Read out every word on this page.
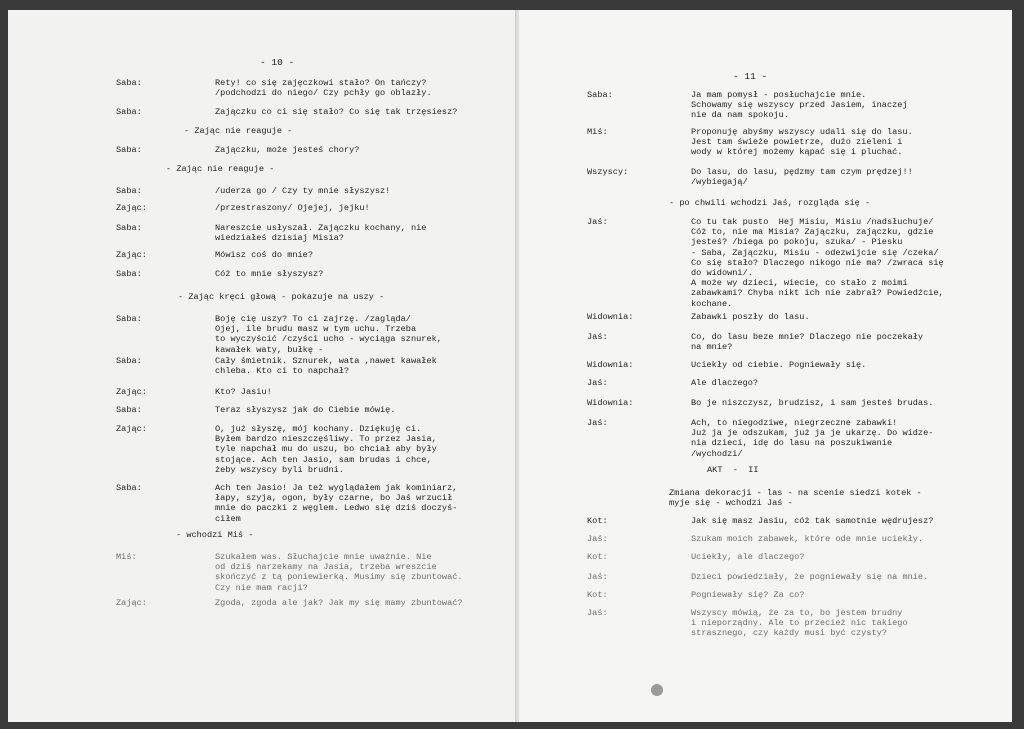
- 10 -
Saba:	Rety! co się zajęczkowi stało? On tańczy?
/podchodzi do niego/ Czy pchły go oblazły.
Saba:	Zajączku co ci się stało? Co się tak trzęsiesz?
- Zając nie reaguje -
Saba:	Zajączku, może jesteś chory?
- Zając nie reaguje -
Saba:	/uderza go / Czy ty mnie słyszysz!
Zając:	/przestraszony/ Ojejej, jejku!
Saba:	Nareszcie usłyszał. Zajączku kochany, nie
wiedziałeś dzisiaj Misia?
Zając:	Mówisz coś do mnie?
Saba:	Cóż to mnie słyszysz?
- Zając kręci głową - pokazuje na uszy -
Saba:	Boję cię uszy? To ci zajrzę. /zagląda/
Ojej, ile brudu masz w tym uchu. Trzeba
to wyczyścić /czyści ucho - wyciąga sznurek,
kawałek waty, bułkę -
Saba:	Cały śmietnik. Sznurek, wata ,nawet kawałek
chleba. Kto ci to napchał?
Zając:	Kto? Jasiu!
Saba:	Teraz słyszysz jak do Ciebie mówię.
Zając:	O, już słyszę, mój kochany. Dziękuję ci.
Byłem bardzo nieszczęśliwy. To przez Jasia,
tyle napchał mu do uszu, bo chciał aby były
stojące. Ach ten Jasio, sam brudas i chce,
żeby wszyscy byli brudni.
Saba:	Ach ten Jasio! Ja też wyglądałem jak kominiarz,
łapy, szyja, ogon, były czarne, bo Jaś wrzucił
mnie do paczki z węglem. Ledwo się dziś doczyś-
ciłem
- wchodzi Miś -
Miś:	Szukałem was. Słuchajcie mnie uważnie. Nie
od dziś narzekamy na Jasia, trzeba wreszcie
skończyć z tą poniewierką. Musimy się zbuntować.
Czy nie mam racji?
Zając:	Zgoda, zgoda ale jak? Jak my się mamy zbuntować?
- 11 -
Saba:	Ja mam pomysł - posłuchajcie mnie.
Schowamy się wszyscy przed Jasiem, inaczej
nie da nam spokoju.
Miś:	Proponuję abyśmy wszyscy udali się do lasu.
Jest tam świeże powietrze, dużo zieleni i
wody w której możemy kąpać się i pluchać.
Wszyscy:	Do lasu, do lasu, pędzmy tam czym prędzej!!
/wybiegają/
- po chwili wchodzi Jaś, rozgląda się -
Jaś:	Co tu tak pusto  Hej Misiu, Misiu /nadsłuchuje/
Cóż to, nie ma Misia? Zajączku, zajączku, gdzie
jesteś? /biega po pokoju, szuka/ - Piesku
- Saba, Zajączku, Misiu - odezwijcie się /czeka/
Co się stało? Dlaczego nikogo nie ma? /zwraca się
do widowni/.
A może wy dzieci, wiecie, co stało z moimi
zabawkami? Chyba nikt ich nie zabrał? Powiedźcie,
kochane.
Widownia:	Zabawki poszły do lasu.
Jaś:	Co, do lasu beze mnie? Dlaczego nie poczekały
na mnie?
Widownia:	Uciekły od ciebie. Pogniewały się.
Jaś:	Ale dlaczego?
Widownia:	Bo je niszczysz, brudzisz, i sam jesteś brudas.
Jaś:	Ach, to niegodziwe, niegrzeczne zabawki!
Już ja je odszukam, już ja je ukarzę. Do widze-
nia dzieci, idę do lasu na poszukiwanie
/wychodzi/
AKT  -  II
Zmiana dekoracji - las - na scenie siedzi kotek -
myje się - wchodzi Jaś -
Kot:	Jak się masz Jasiu, cóż tak samotnie wędrujesz?
Jaś:	Szukam moich zabawek, które ode mnie uciekły.
Kot:	Uciekły, ale dlaczego?
Jaś:	Dzieci powiedziały, że pogniewały się na mnie.
Kot:	Pogniewały się? Za co?
Jaś:	Wszyscy mówią, że za to, bo jestem brudny
i nieporządny. Ale to przecież nic takiego
strasznego, czy każdy musi być czysty?
